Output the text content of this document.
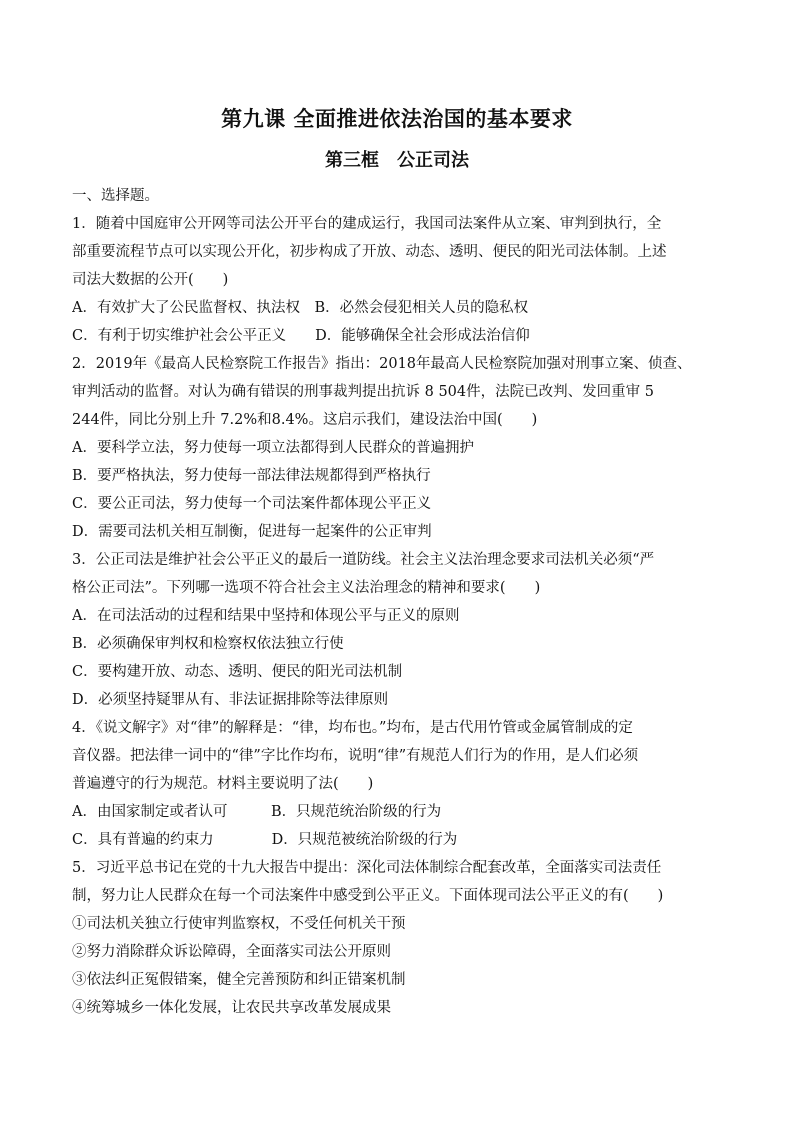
第九课 全面推进依法治国的基本要求
第三框　公正司法
一、选择题。
1．随着中国庭审公开网等司法公开平台的建成运行，我国司法案件从立案、审判到执行，全
部重要流程节点可以实现公开化，初步构成了开放、动态、透明、便民的阳光司法体制。上述
司法大数据的公开(　　)
A．有效扩大了公民监督权、执法权　B．必然会侵犯相关人员的隐私权
C．有利于切实维护社会公平正义　　D．能够确保全社会形成法治信仰
2．2019年《最高人民检察院工作报告》指出：2018年最高人民检察院加强对刑事立案、侦查、
审判活动的监督。对认为确有错误的刑事裁判提出抗诉 8 504件，法院已改判、发回重审 5
244件，同比分别上升 7.2%和8.4%。这启示我们，建设法治中国(　　)
A．要科学立法，努力使每一项立法都得到人民群众的普遍拥护
B．要严格执法，努力使每一部法律法规都得到严格执行
C．要公正司法，努力使每一个司法案件都体现公平正义
D．需要司法机关相互制衡，促进每一起案件的公正审判
3．公正司法是维护社会公平正义的最后一道防线。社会主义法治理念要求司法机关必须“严
格公正司法”。下列哪一选项不符合社会主义法治理念的精神和要求(　　)
A．在司法活动的过程和结果中坚持和体现公平与正义的原则
B．必须确保审判权和检察权依法独立行使
C．要构建开放、动态、透明、便民的阳光司法机制
D．必须坚持疑罪从有、非法证据排除等法律原则
4．《说文解字》对“律”的解释是：“律，均布也。”均布，是古代用竹管或金属管制成的定
音仪器。把法律一词中的“律”字比作均布，说明“律”有规范人们行为的作用，是人们必须
普遍遵守的行为规范。材料主要说明了法(　　)
A．由国家制定或者认可　　　B．只规范统治阶级的行为
C．具有普遍的约束力　　　　D．只规范被统治阶级的行为
5．习近平总书记在党的十九大报告中提出：深化司法体制综合配套改革，全面落实司法责任
制，努力让人民群众在每一个司法案件中感受到公平正义。下面体现司法公平正义的有(　　)
①司法机关独立行使审判监察权，不受任何机关干预
②努力消除群众诉讼障碍，全面落实司法公开原则
③依法纠正冤假错案，健全完善预防和纠正错案机制
④统筹城乡一体化发展，让农民共享改革发展成果
